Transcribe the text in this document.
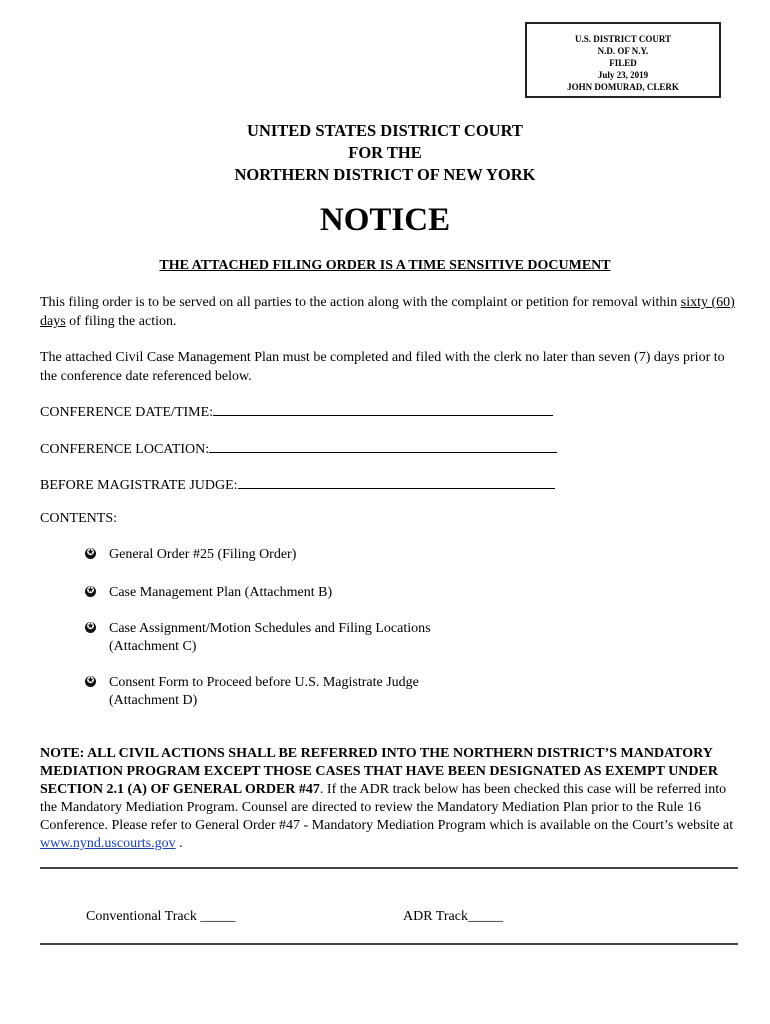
U.S. DISTRICT COURT
N.D. OF N.Y.
FILED
July 23, 2019
JOHN DOMURAD, CLERK
UNITED STATES DISTRICT COURT
FOR THE
NORTHERN DISTRICT OF NEW YORK
NOTICE
THE ATTACHED FILING ORDER IS A TIME SENSITIVE DOCUMENT
This filing order is to be served on all parties to the action along with the complaint or petition for removal within sixty (60) days of filing the action.
The attached Civil Case Management Plan must be completed and filed with the clerk no later than seven (7) days prior to the conference date referenced below.
CONFERENCE DATE/TIME:
CONFERENCE LOCATION:
BEFORE MAGISTRATE JUDGE:
CONTENTS:
✪ General Order #25 (Filing Order)
✪ Case Management Plan (Attachment B)
✪ Case Assignment/Motion Schedules and Filing Locations
(Attachment C)
✪ Consent Form to Proceed before U.S. Magistrate Judge
(Attachment D)
NOTE: ALL CIVIL ACTIONS SHALL BE REFERRED INTO THE NORTHERN DISTRICT’S MANDATORY MEDIATION PROGRAM EXCEPT THOSE CASES THAT HAVE BEEN DESIGNATED AS EXEMPT UNDER SECTION 2.1 (A) OF GENERAL ORDER #47. If the ADR track below has been checked this case will be referred into the Mandatory Mediation Program. Counsel are directed to review the Mandatory Mediation Plan prior to the Rule 16 Conference. Please refer to General Order #47 - Mandatory Mediation Program which is available on the Court’s website at www.nynd.uscourts.gov .
Conventional Track _____	ADR Track_____
